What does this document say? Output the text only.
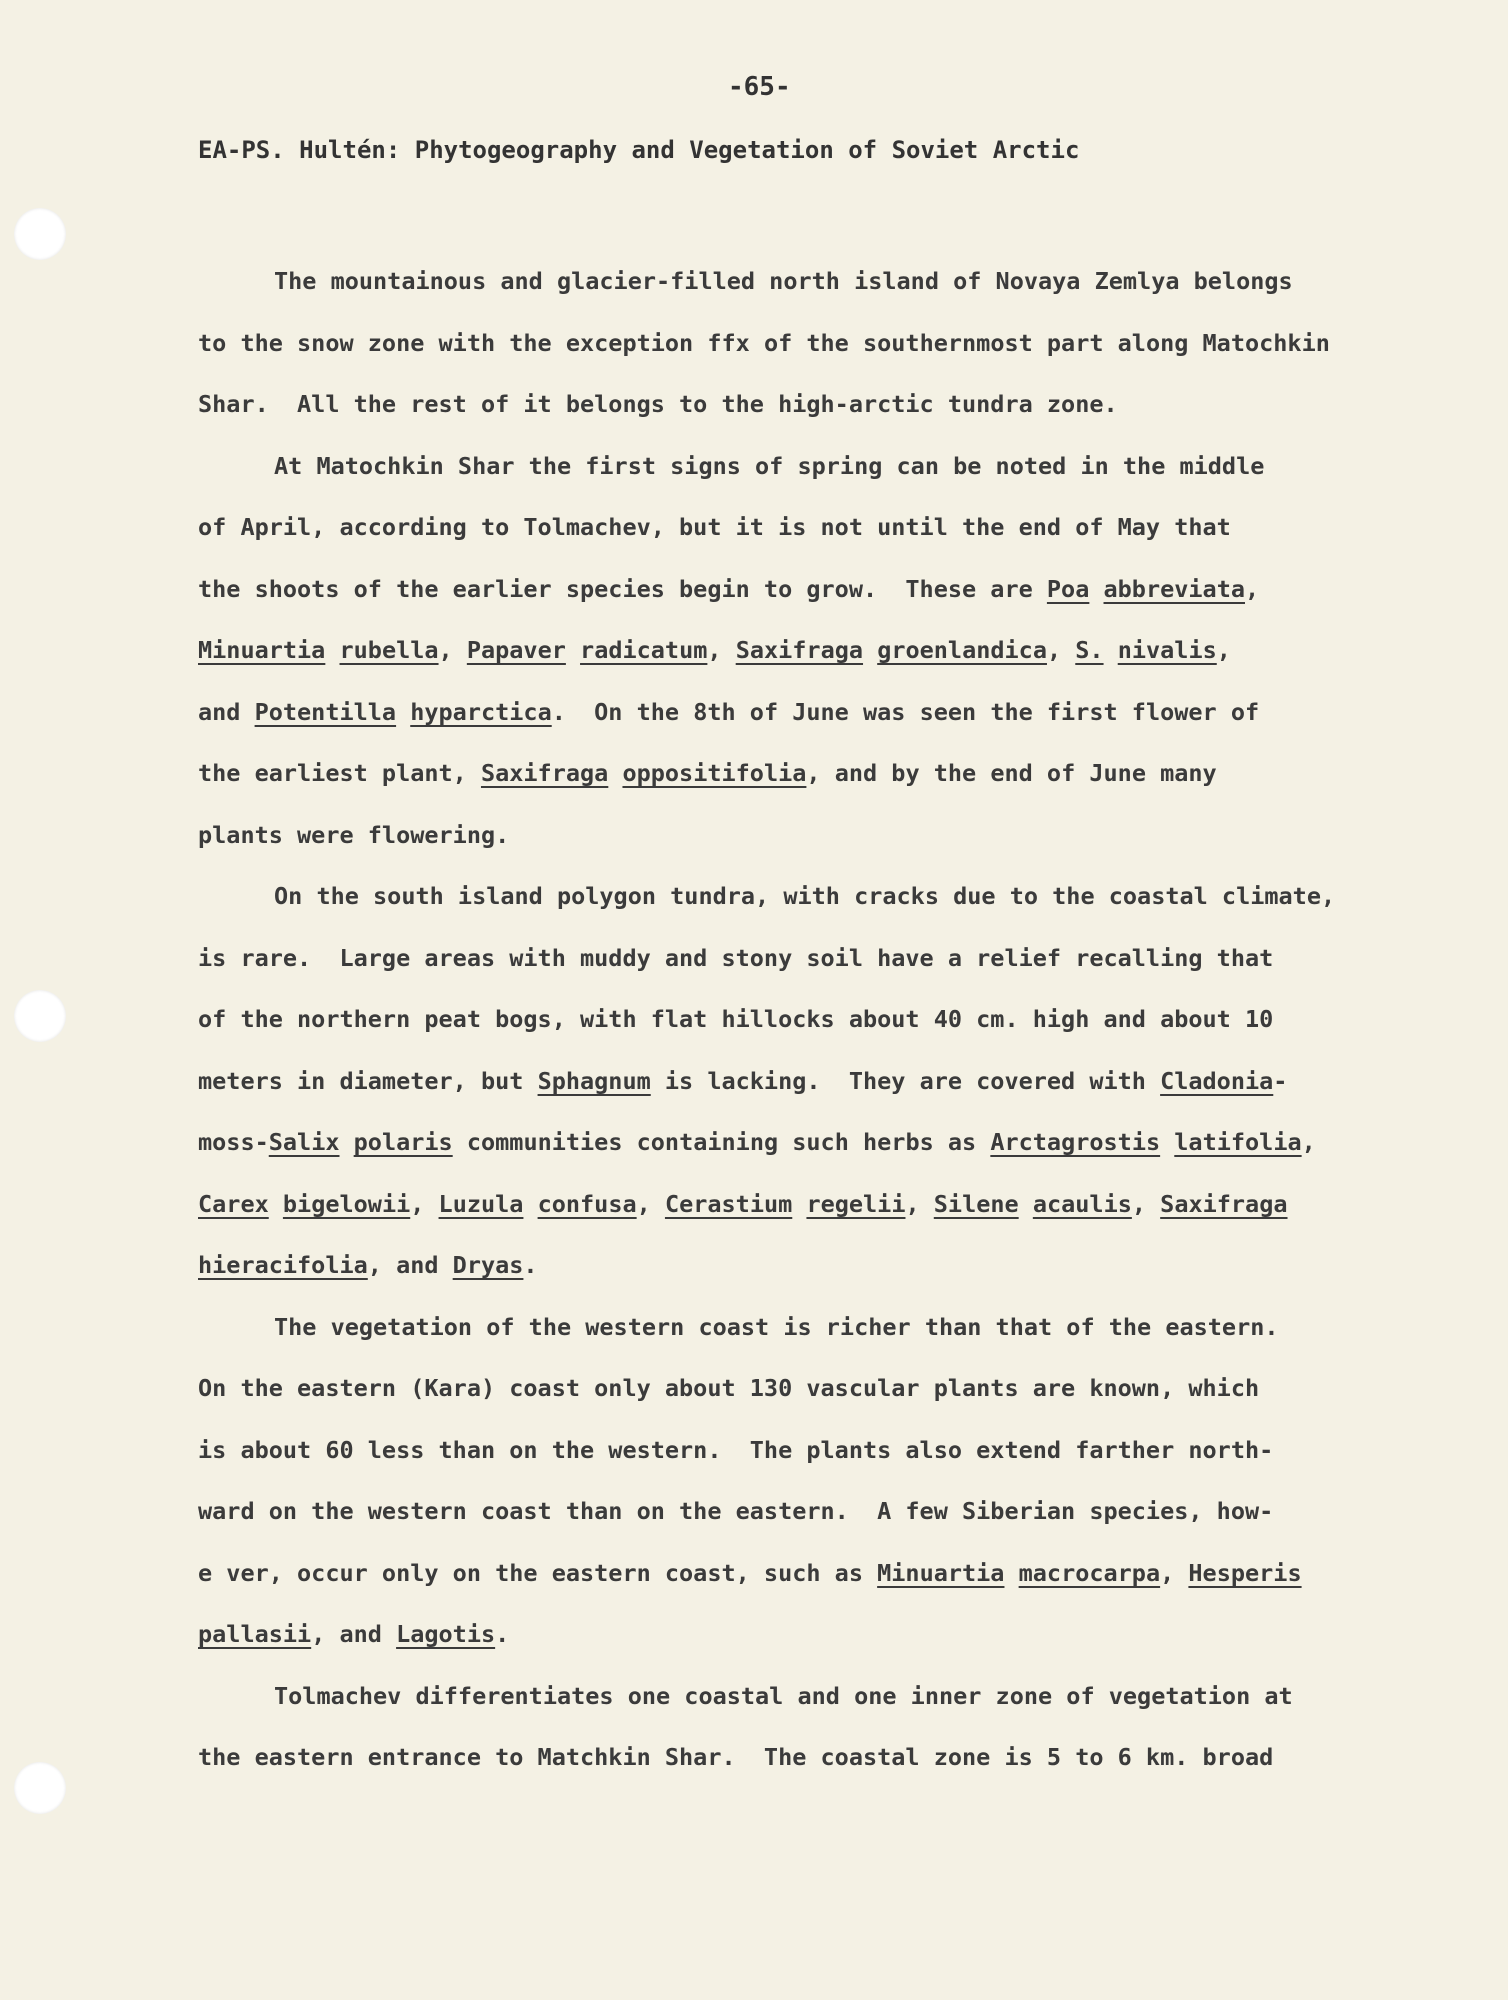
-65-
EA-PS. Hultén: Phytogeography and Vegetation of Soviet Arctic
The mountainous and glacier-filled north island of Novaya Zemlya belongs
to the snow zone with the exception ffx of the southernmost part along Matochkin
Shar.  All the rest of it belongs to the high-arctic tundra zone.
At Matochkin Shar the first signs of spring can be noted in the middle
of April, according to Tolmachev, but it is not until the end of May that
the shoots of the earlier species begin to grow.  These are Poa abbreviata,
Minuartia rubella, Papaver radicatum, Saxifraga groenlandica, S. nivalis,
and Potentilla hyparctica.  On the 8th of June was seen the first flower of
the earliest plant, Saxifraga oppositifolia, and by the end of June many
plants were flowering.
On the south island polygon tundra, with cracks due to the coastal climate,
is rare.  Large areas with muddy and stony soil have a relief recalling that
of the northern peat bogs, with flat hillocks about 40 cm. high and about 10
meters in diameter, but Sphagnum is lacking.  They are covered with Cladonia-
moss-Salix polaris communities containing such herbs as Arctagrostis latifolia,
Carex bigelowii, Luzula confusa, Cerastium regelii, Silene acaulis, Saxifraga
hieracifolia, and Dryas.
The vegetation of the western coast is richer than that of the eastern.
On the eastern (Kara) coast only about 130 vascular plants are known, which
is about 60 less than on the western.  The plants also extend farther north-
ward on the western coast than on the eastern.  A few Siberian species, how-
e ver, occur only on the eastern coast, such as Minuartia macrocarpa, Hesperis
pallasii, and Lagotis.
Tolmachev differentiates one coastal and one inner zone of vegetation at
the eastern entrance to Matchkin Shar.  The coastal zone is 5 to 6 km. broad
